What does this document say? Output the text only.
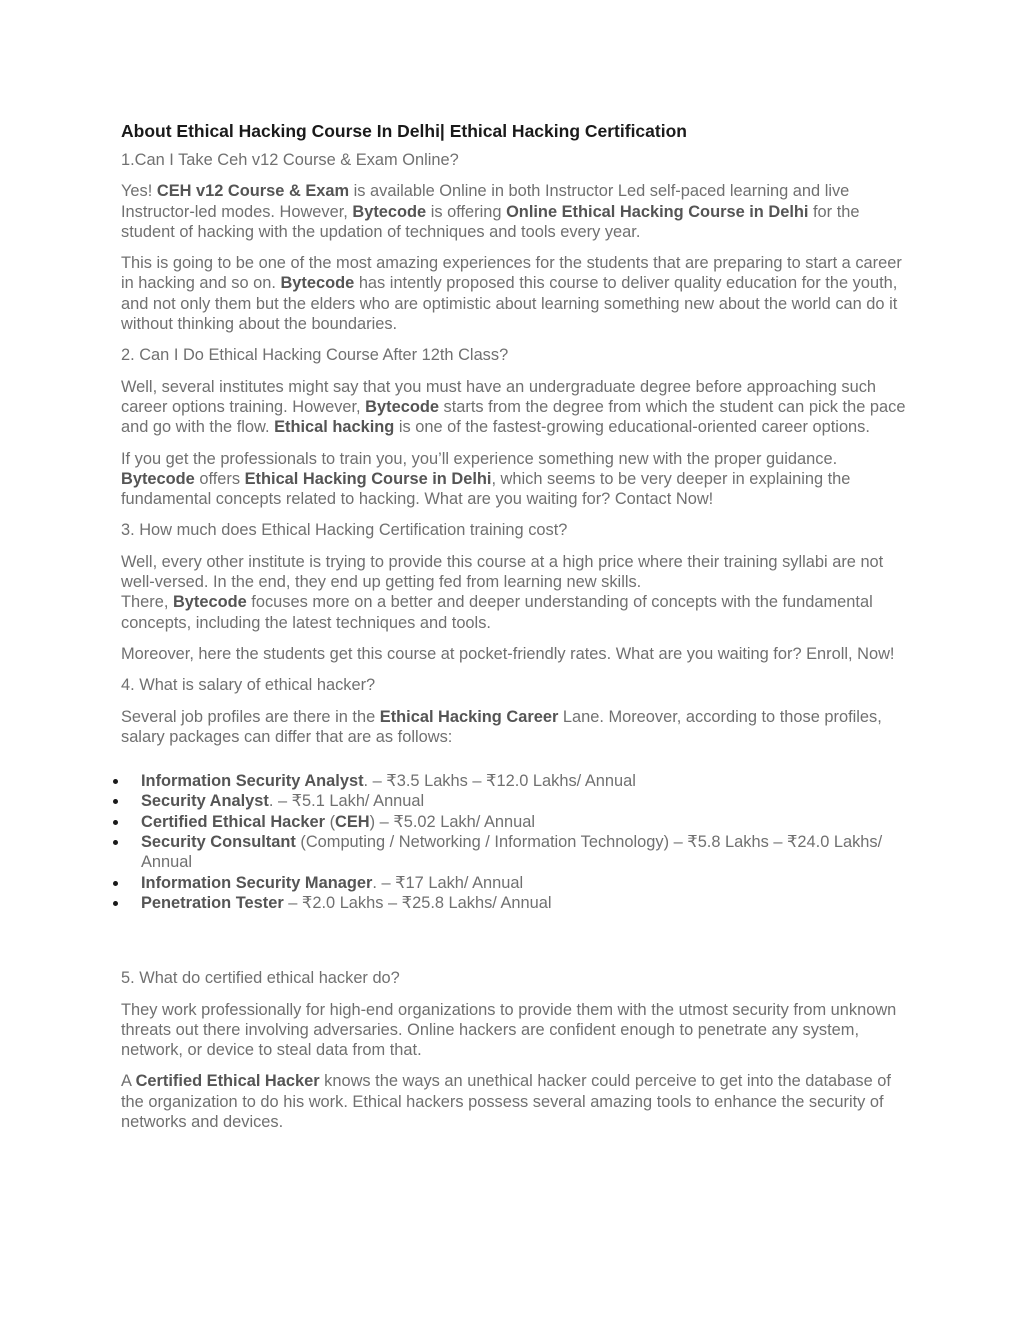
About Ethical Hacking Course In Delhi| Ethical Hacking Certification
1.Can I Take Ceh v12 Course & Exam Online?
Yes! CEH v12 Course & Exam is available Online in both Instructor Led self-paced learning and live Instructor-led modes. However, Bytecode is offering Online Ethical Hacking Course in Delhi for the student of hacking with the updation of techniques and tools every year.
This is going to be one of the most amazing experiences for the students that are preparing to start a career in hacking and so on. Bytecode has intently proposed this course to deliver quality education for the youth, and not only them but the elders who are optimistic about learning something new about the world can do it without thinking about the boundaries.
2. Can I Do Ethical Hacking Course After 12th Class?
Well, several institutes might say that you must have an undergraduate degree before approaching such career options training. However, Bytecode starts from the degree from which the student can pick the pace and go with the flow. Ethical hacking is one of the fastest-growing educational-oriented career options.
If you get the professionals to train you, you’ll experience something new with the proper guidance. Bytecode offers Ethical Hacking Course in Delhi, which seems to be very deeper in explaining the fundamental concepts related to hacking. What are you waiting for? Contact Now!
3. How much does Ethical Hacking Certification training cost?
Well, every other institute is trying to provide this course at a high price where their training syllabi are not well-versed. In the end, they end up getting fed from learning new skills.
There, Bytecode focuses more on a better and deeper understanding of concepts with the fundamental concepts, including the latest techniques and tools.
Moreover, here the students get this course at pocket-friendly rates. What are you waiting for? Enroll, Now!
4. What is salary of ethical hacker?
Several job profiles are there in the Ethical Hacking Career Lane. Moreover, according to those profiles, salary packages can differ that are as follows:
Information Security Analyst. – ₹3.5 Lakhs – ₹12.0 Lakhs/ Annual
Security Analyst. – ₹5.1 Lakh/ Annual
Certified Ethical Hacker (CEH) – ₹5.02 Lakh/ Annual
Security Consultant (Computing / Networking / Information Technology) – ₹5.8 Lakhs – ₹24.0 Lakhs/ Annual
Information Security Manager. – ₹17 Lakh/ Annual
Penetration Tester – ₹2.0 Lakhs – ₹25.8 Lakhs/ Annual
5. What do certified ethical hacker do?
They work professionally for high-end organizations to provide them with the utmost security from unknown threats out there involving adversaries. Online hackers are confident enough to penetrate any system, network, or device to steal data from that.
A Certified Ethical Hacker knows the ways an unethical hacker could perceive to get into the database of the organization to do his work. Ethical hackers possess several amazing tools to enhance the security of networks and devices.
